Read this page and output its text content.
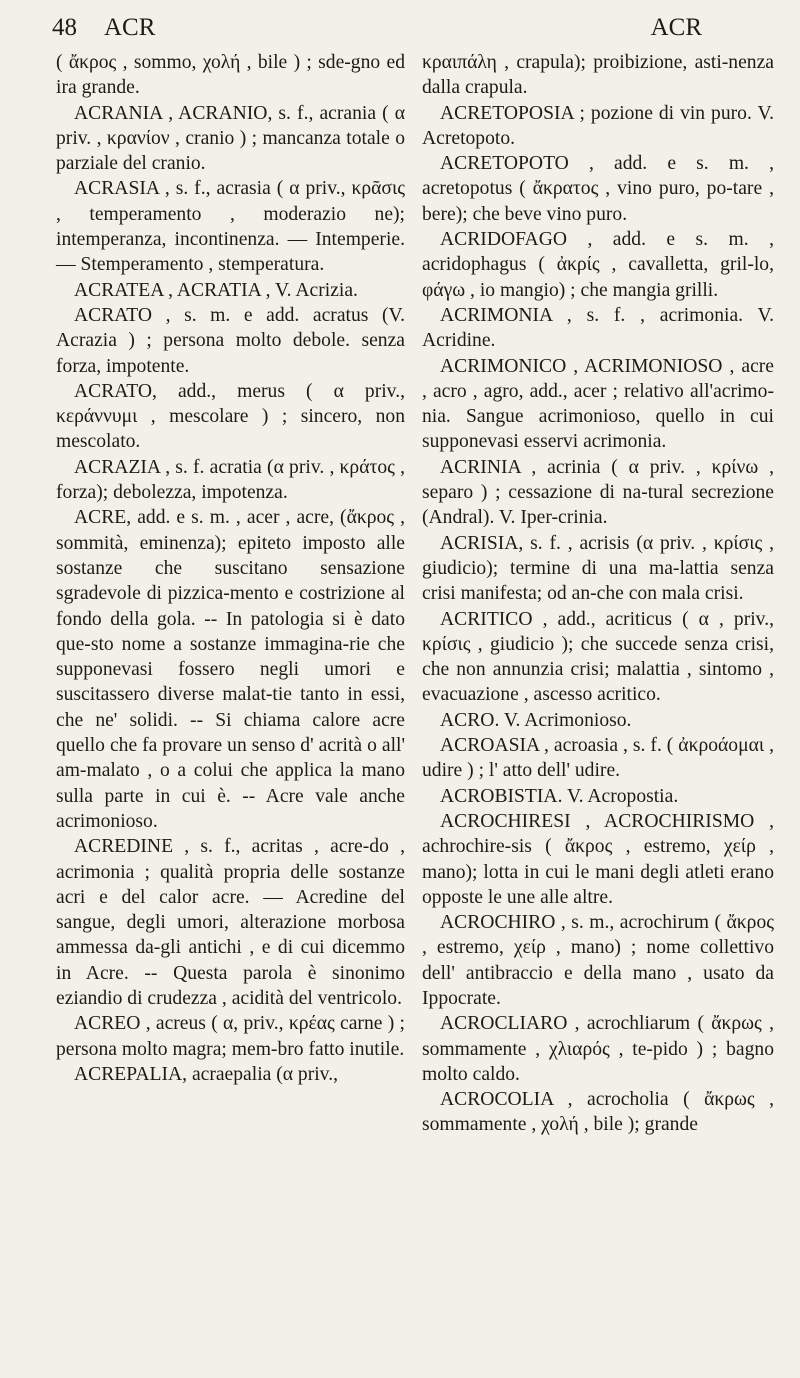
48 ACR	ACR

( ἄκρος , sommo, χολή , bile ) ; sde-gno ed ira grande.

ACRANIA , ACRANIO, s. f., acrania ( α priv. , κρανίον , cranio ) ; mancanza totale o parziale del cranio.

ACRASIA , s. f., acrasia ( α priv., κρᾶσις , temperamento , moderazio ne); intemperanza, incontinenza. — Intemperie. — Stemperamento , stemperatura.

ACRATEA , ACRATIA , V. Acrizia.

ACRATO , s. m. e add. acratus (V. Acrazia ) ; persona molto debole. senza forza, impotente.

ACRATO, add., merus ( α priv., κεράννυμι , mescolare ) ; sincero, non mescolato.

ACRAZIA , s. f. acratia (α priv. , κράτος , forza); debolezza, impotenza.

ACRE, add. e s. m. , acer , acre, (ἄκρος , sommità, eminenza); epiteto imposto alle sostanze che suscitano sensazione sgradevole di pizzica-mento e costrizione al fondo della gola. -- In patologia si è dato que-sto nome a sostanze immagina-rie che supponevasi fossero negli umori e suscitassero diverse malat-tie tanto in essi, che ne' solidi. -- Si chiama calore acre quello che fa provare un senso d' acrità o all' am-malato , o a colui che applica la mano sulla parte in cui è. -- Acre vale anche acrimonioso.

ACREDINE , s. f., acritas , acre-do , acrimonia ; qualità propria delle sostanze acri e del calor acre. — Acredine del sangue, degli umori, alterazione morbosa ammessa da-gli antichi , e di cui dicemmo in Acre. -- Questa parola è sinonimo eziandio di crudezza , acidità del ventricolo.

ACREO , acreus ( α, priv., κρέας carne ) ; persona molto magra; mem-bro fatto inutile.

ACREPALIA, acraepalia (α priv.,

κραιπάλη , crapula); proibizione, asti-nenza dalla crapula.

ACRETOPOSIA ; pozione di vin puro. V. Acretopoto.

ACRETOPOTO , add. e s. m. , acretopotus ( ἄκρατος , vino puro, po-tare , bere); che beve vino puro.

ACRIDOFAGO , add. e s. m. , acridophagus ( ἀκρίς , cavalletta, gril-lo, φάγω , io mangio) ; che mangia grilli.

ACRIMONIA , s. f. , acrimonia. V. Acridine.

ACRIMONICO , ACRIMONIOSO , acre , acro , agro, add., acer ; relativo all'acrimo-nia. Sangue acrimonioso, quello in cui supponevasi esservi acrimonia.

ACRINIA , acrinia ( α priv. , κρίνω , separo ) ; cessazione di na-tural secrezione (Andral). V. Iper-crinia.

ACRISIA, s. f. , acrisis (α priv. , κρίσις , giudicio); termine di una ma-lattia senza crisi manifesta; od an-che con mala crisi.

ACRITICO , add., acriticus ( α , priv., κρίσις , giudicio ); che succede senza crisi, che non annunzia crisi; malattia , sintomo , evacuazione , ascesso acritico.

ACRO. V. Acrimonioso.

ACROASIA , acroasia , s. f. ( ἀκροάομαι , udire ) ; l' atto dell' udire.

ACROBISTIA. V. Acropostia.

ACROCHIRESI , ACROCHIRISMO , achrochire-sis ( ἄκρος , estremo, χείρ , mano); lotta in cui le mani degli atleti erano opposte le une alle altre.

ACROCHIRO , s. m., acrochirum ( ἄκρος , estremo, χείρ , mano) ; nome collettivo dell' antibraccio e della mano , usato da Ippocrate.

ACROCLIARO , acrochliarum ( ἄκρως , sommamente , χλιαρός , te-pido ) ; bagno molto caldo.

ACROCOLIA , acrocholia ( ἄκρως , sommamente , χολή , bile ); grande
